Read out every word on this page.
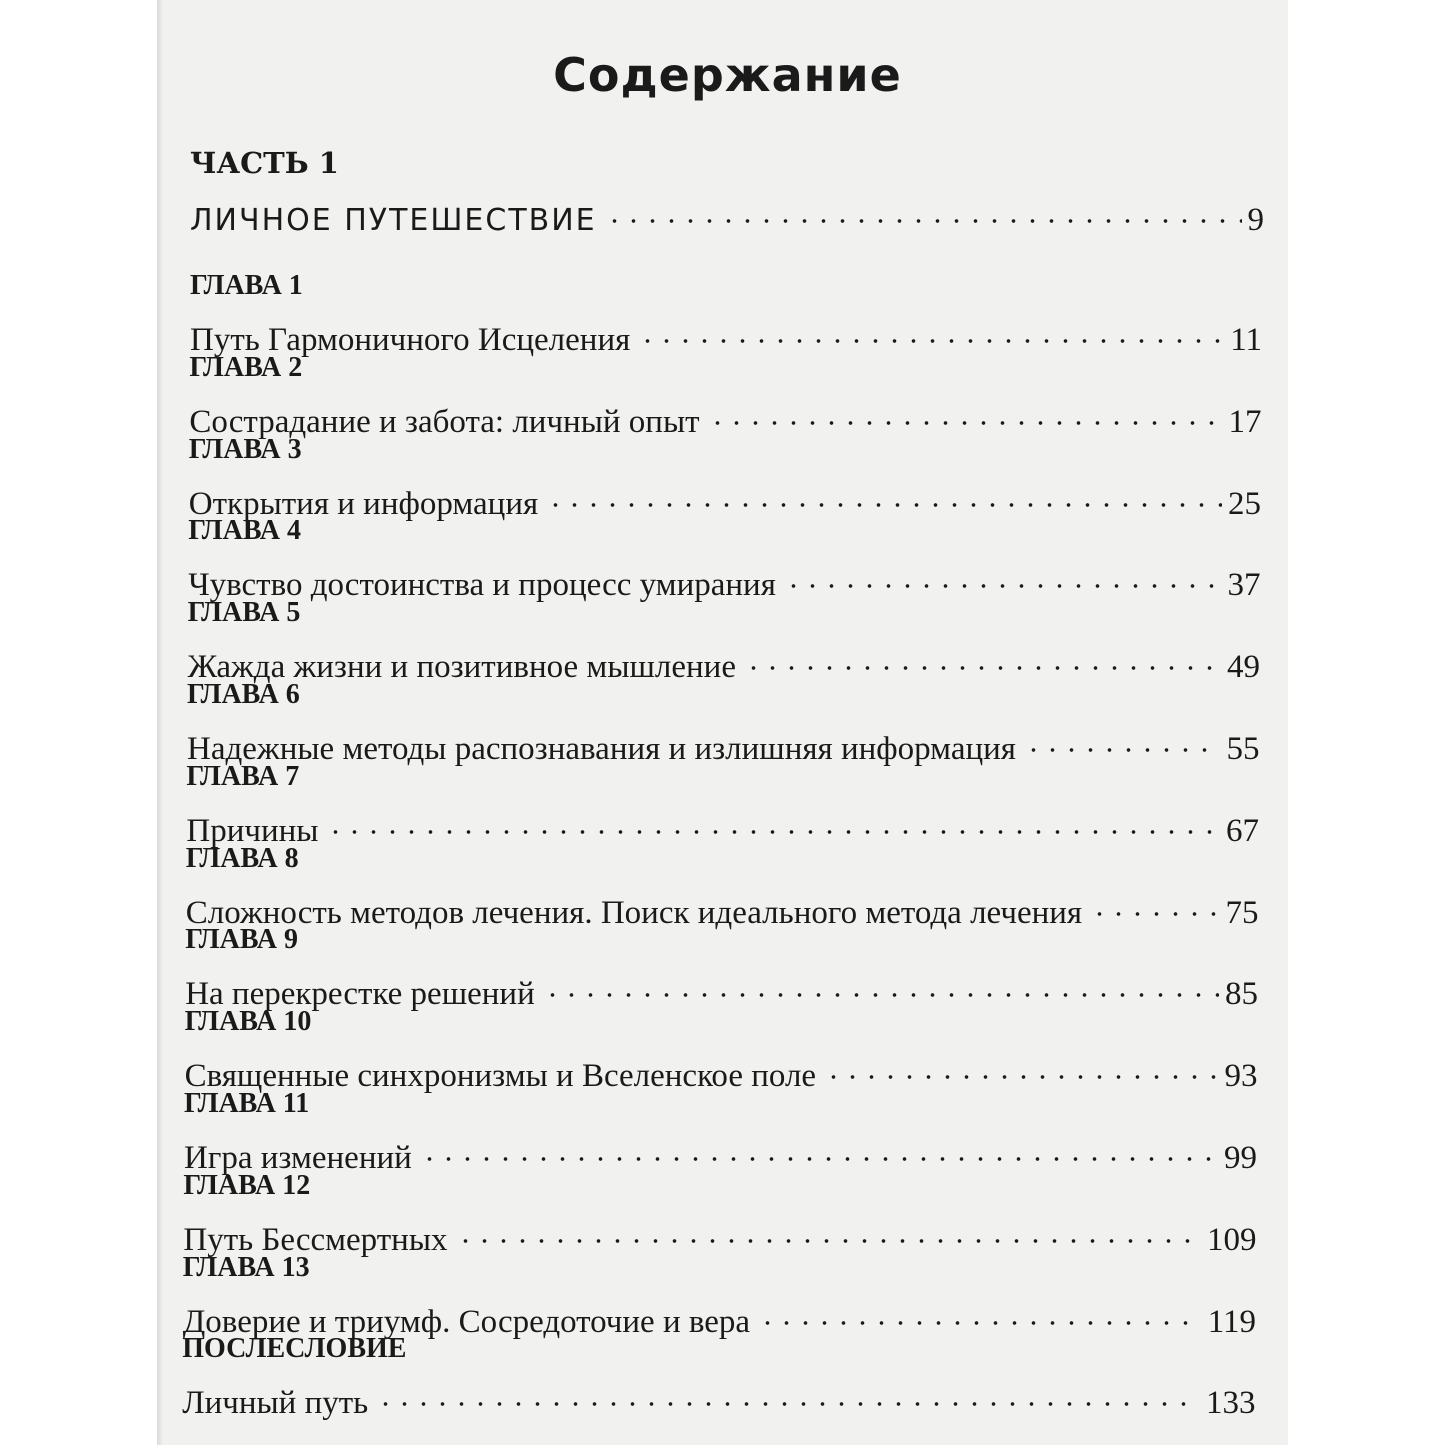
Содержание
ЧАСТЬ 1
ЛИЧНОЕ ПУТЕШЕСТВИЕ	9
ГЛАВА 1
Путь Гармоничного Исцеления	11
ГЛАВА 2
Сострадание и забота: личный опыт	17
ГЛАВА 3
Открытия и информация	25
ГЛАВА 4
Чувство достоинства и процесс умирания	37
ГЛАВА 5
Жажда жизни и позитивное мышление	49
ГЛАВА 6
Надежные методы распознавания и излишняя информация	55
ГЛАВА 7
Причины	67
ГЛАВА 8
Сложность методов лечения. Поиск идеального метода лечения	75
ГЛАВА 9
На перекрестке решений	85
ГЛАВА 10
Священные синхронизмы и Вселенское поле	93
ГЛАВА 11
Игра изменений	99
ГЛАВА 12
Путь Бессмертных	109
ГЛАВА 13
Доверие и триумф. Сосредоточие и вера	119
ПОСЛЕСЛОВИЕ
Личный путь	133
